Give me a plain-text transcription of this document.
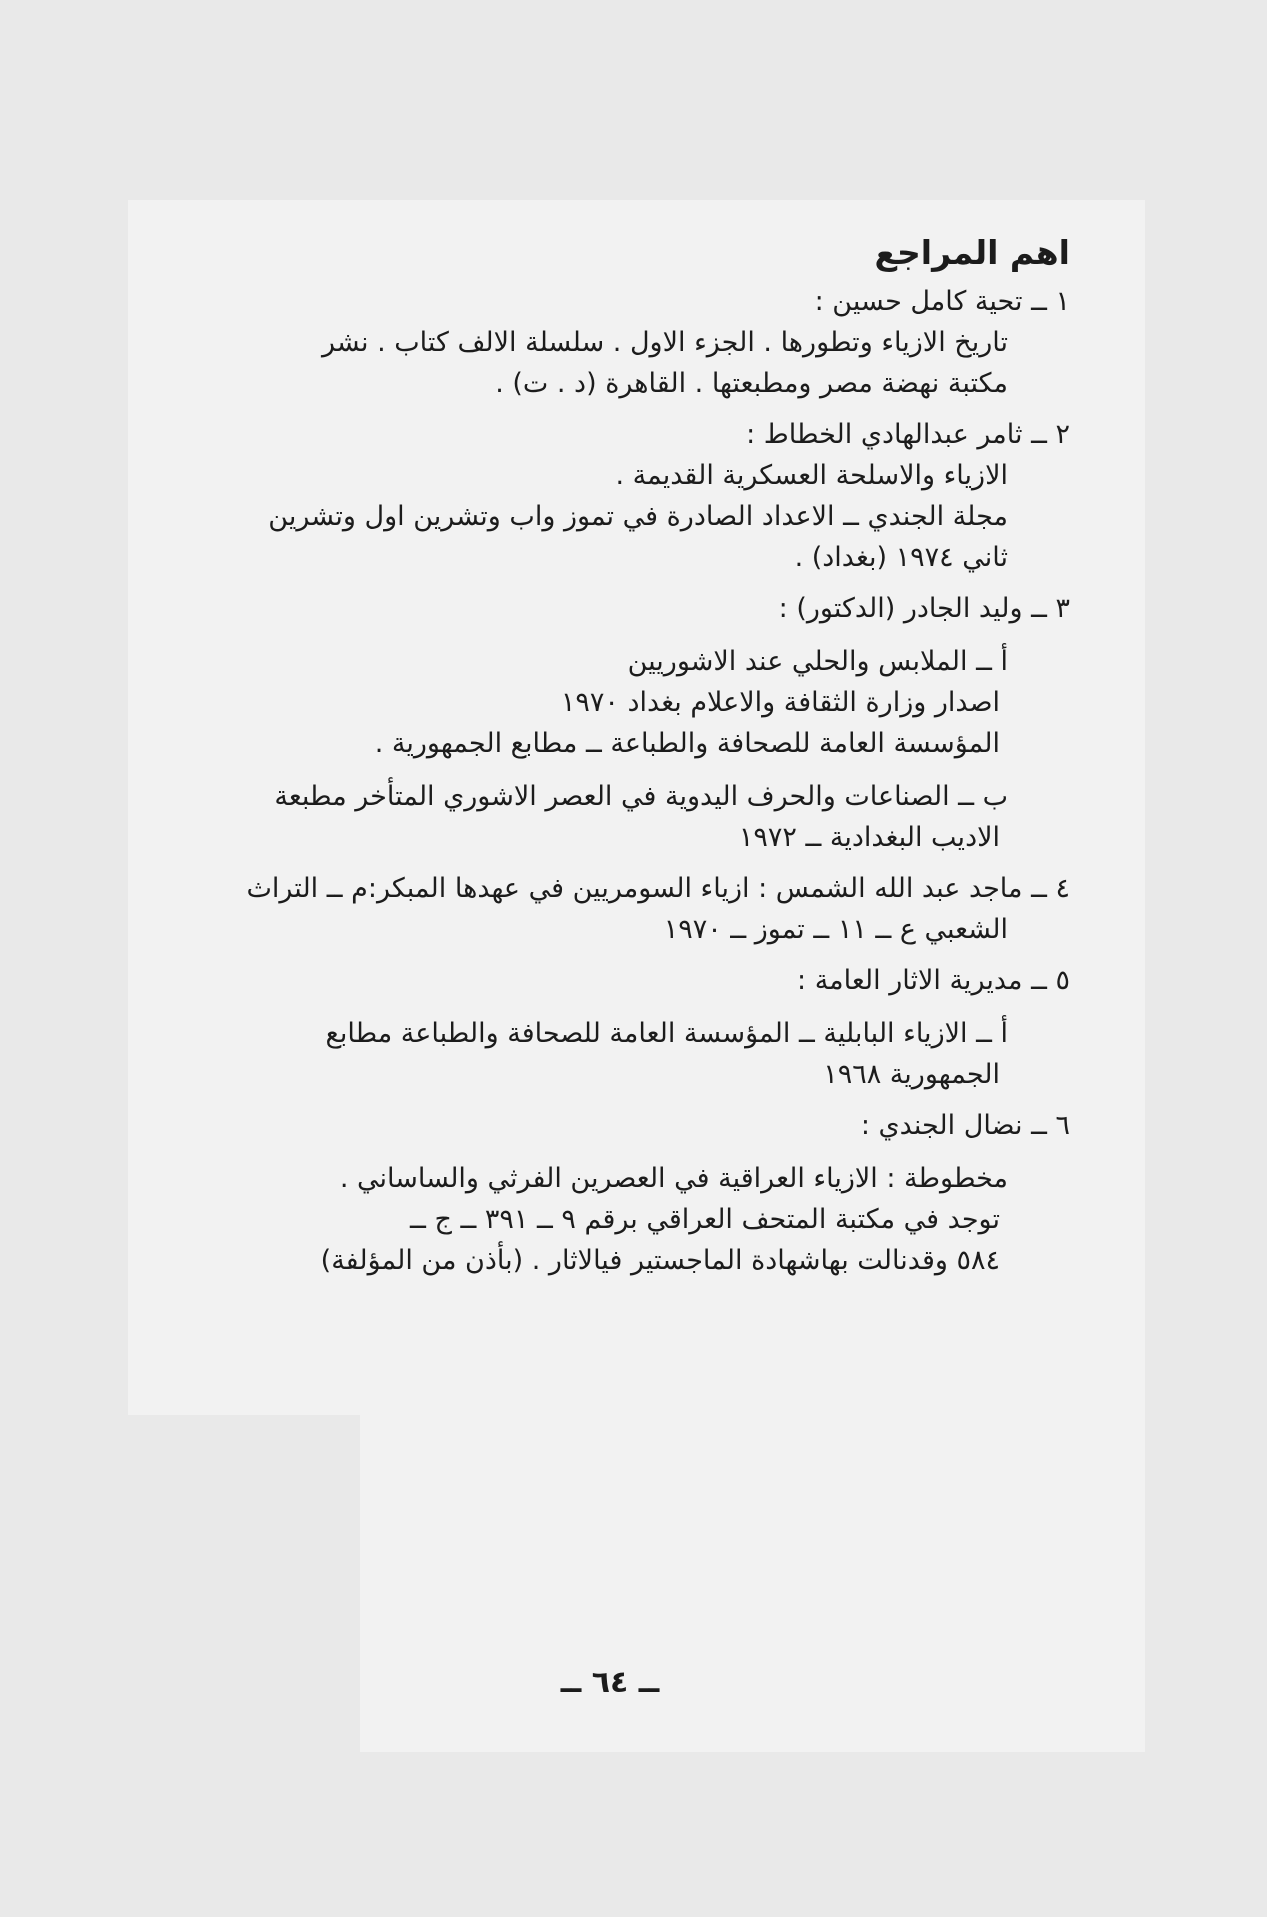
اهم المراجع
١ ــ تحية كامل حسين :
تاريخ الازياء وتطورها . الجزء الاول . سلسلة الالف كتاب . نشر
مكتبة نهضة مصر ومطبعتها . القاهرة (د . ت) .
٢ ــ ثامر عبدالهادي الخطاط :
الازياء والاسلحة العسكرية القديمة .
مجلة الجندي ــ الاعداد الصادرة في تموز واب وتشرين اول وتشرين
ثاني ١٩٧٤ (بغداد) .
٣ ــ وليد الجادر (الدكتور) :
أ ــ الملابس والحلي عند الاشوريين
اصدار وزارة الثقافة والاعلام بغداد ١٩٧٠
المؤسسة العامة للصحافة والطباعة ــ مطابع الجمهورية .
ب ــ الصناعات والحرف اليدوية في العصر الاشوري المتأخر مطبعة
الاديب البغدادية ــ ١٩٧٢
٤ ــ ماجد عبد الله الشمس : ازياء السومريين في عهدها المبكر:م ــ التراث
الشعبي ع ــ ١١ ــ تموز ــ ١٩٧٠
٥ ــ مديرية الاثار العامة :
أ ــ الازياء البابلية ــ المؤسسة العامة للصحافة والطباعة مطابع
الجمهورية ١٩٦٨
٦ ــ نضال الجندي :
مخطوطة : الازياء العراقية في العصرين الفرثي والساساني .
توجد في مكتبة المتحف العراقي برقم ٩ ــ ٣٩١ ــ ج ــ
٥٨٤ وقدنالت بهاشهادة الماجستير فيالاثار . (بأذن من المؤلفة)
ــ ٦٤ ــ
